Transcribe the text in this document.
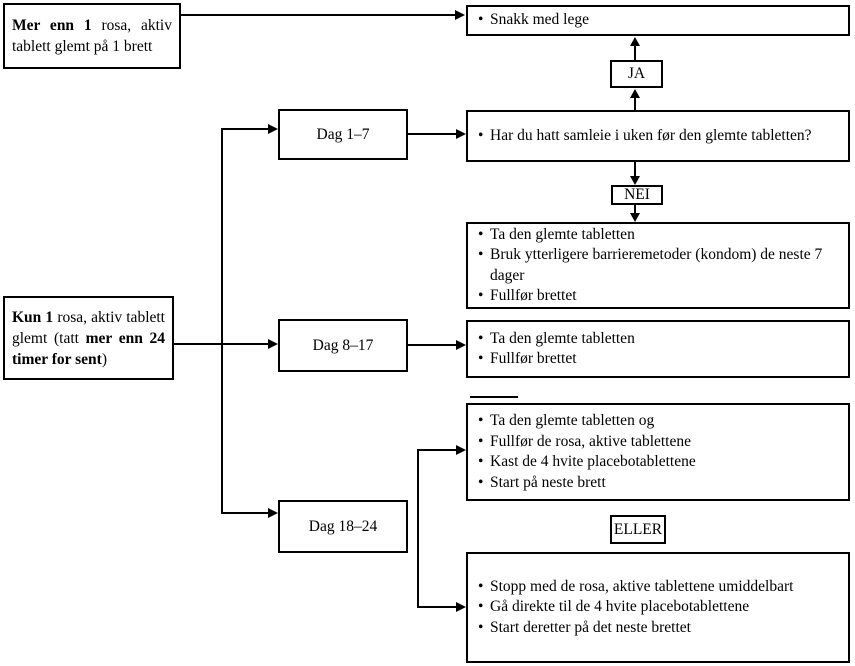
Mer enn 1 rosa, aktiv tablett glemt på 1 brett
• Snakk med lege
JA
Dag 1–7	• Har du hatt samleie i uken før den glemte tabletten?
NEI
• Ta den glemte tabletten
• Bruk ytterligere barrieremetoder (kondom) de neste 7 dager
• Fullfør brettet
Kun 1 rosa, aktiv tablett glemt (tatt mer enn 24 timer for sent)
Dag 8–17	• Ta den glemte tabletten
• Fullfør brettet
• Ta den glemte tabletten og
• Fullfør de rosa, aktive tablettene
• Kast de 4 hvite placebotablettene
• Start på neste brett
Dag 18–24	ELLER
• Stopp med de rosa, aktive tablettene umiddelbart
• Gå direkte til de 4 hvite placebotablettene
• Start deretter på det neste brettet
